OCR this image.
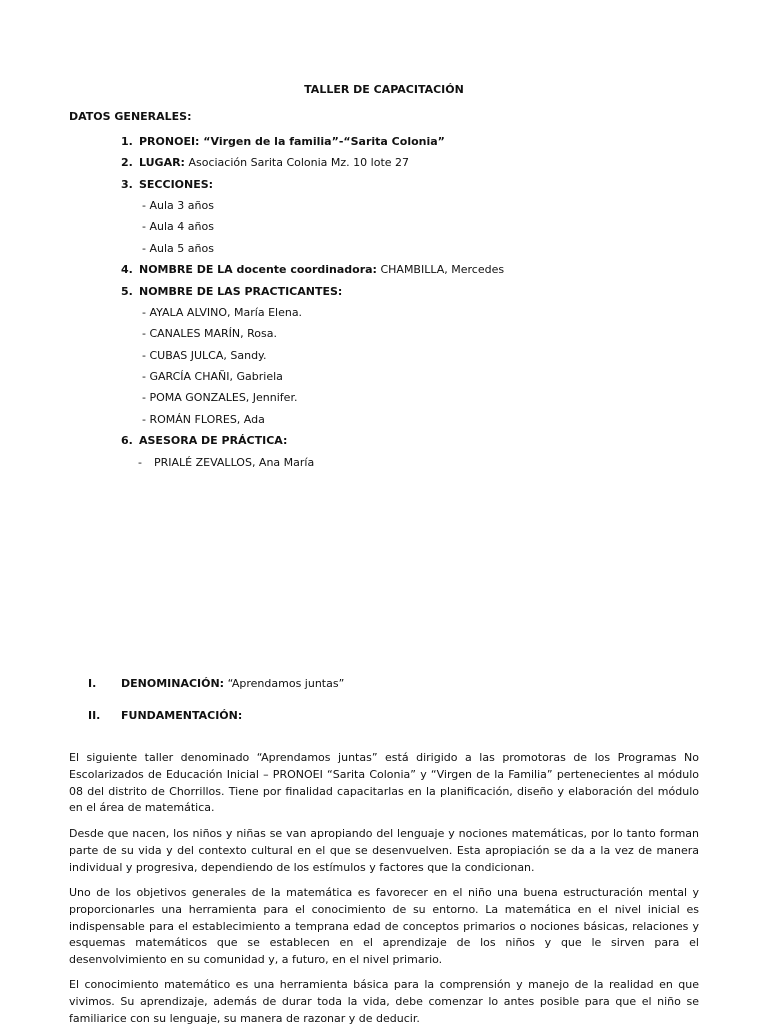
TALLER DE CAPACITACIÓN
DATOS GENERALES:
1. PRONOEI: “Virgen de la familia”-“Sarita Colonia”
2. LUGAR: Asociación Sarita Colonia Mz. 10 lote 27
3. SECCIONES:
- Aula 3 años
- Aula 4 años
- Aula 5 años
4. NOMBRE DE LA docente coordinadora: CHAMBILLA, Mercedes
5. NOMBRE DE LAS PRACTICANTES:
- AYALA ALVINO, María Elena.
- CANALES MARÍN, Rosa.
- CUBAS JULCA, Sandy.
- GARCÍA CHAÑI, Gabriela
- POMA GONZALES, Jennifer.
- ROMÁN FLORES, Ada
6. ASESORA DE PRÁCTICA:
- PRIALÉ ZEVALLOS, Ana María
I. DENOMINACIÓN: “Aprendamos juntas”
II. FUNDAMENTACIÓN:
El siguiente taller denominado “Aprendamos juntas” está dirigido a las promotoras de los Programas No Escolarizados de Educación Inicial – PRONOEI “Sarita Colonia” y “Virgen de la Familia” pertenecientes al módulo 08 del distrito de Chorrillos. Tiene por finalidad capacitarlas en la planificación, diseño y elaboración del módulo en el área de matemática.
Desde que nacen, los niños y niñas se van apropiando del lenguaje y nociones matemáticas, por lo tanto forman parte de su vida y del contexto cultural en el que se desenvuelven. Esta apropiación se da a la vez de manera individual y progresiva, dependiendo de los estímulos y factores que la condicionan.
Uno de los objetivos generales de la matemática es favorecer en el niño una buena estructuración mental y proporcionarles una herramienta para el conocimiento de su entorno. La matemática en el nivel inicial es indispensable para el establecimiento a temprana edad de conceptos primarios o nociones básicas, relaciones y esquemas matemáticos que se establecen en el aprendizaje de los niños y que le sirven para el desenvolvimiento en su comunidad y, a futuro, en el nivel primario.
El conocimiento matemático es una herramienta básica para la comprensión y manejo de la realidad en que vivimos. Su aprendizaje, además de durar toda la vida, debe comenzar lo antes posible para que el niño se familiarice con su lenguaje, su manera de razonar y de deducir.
